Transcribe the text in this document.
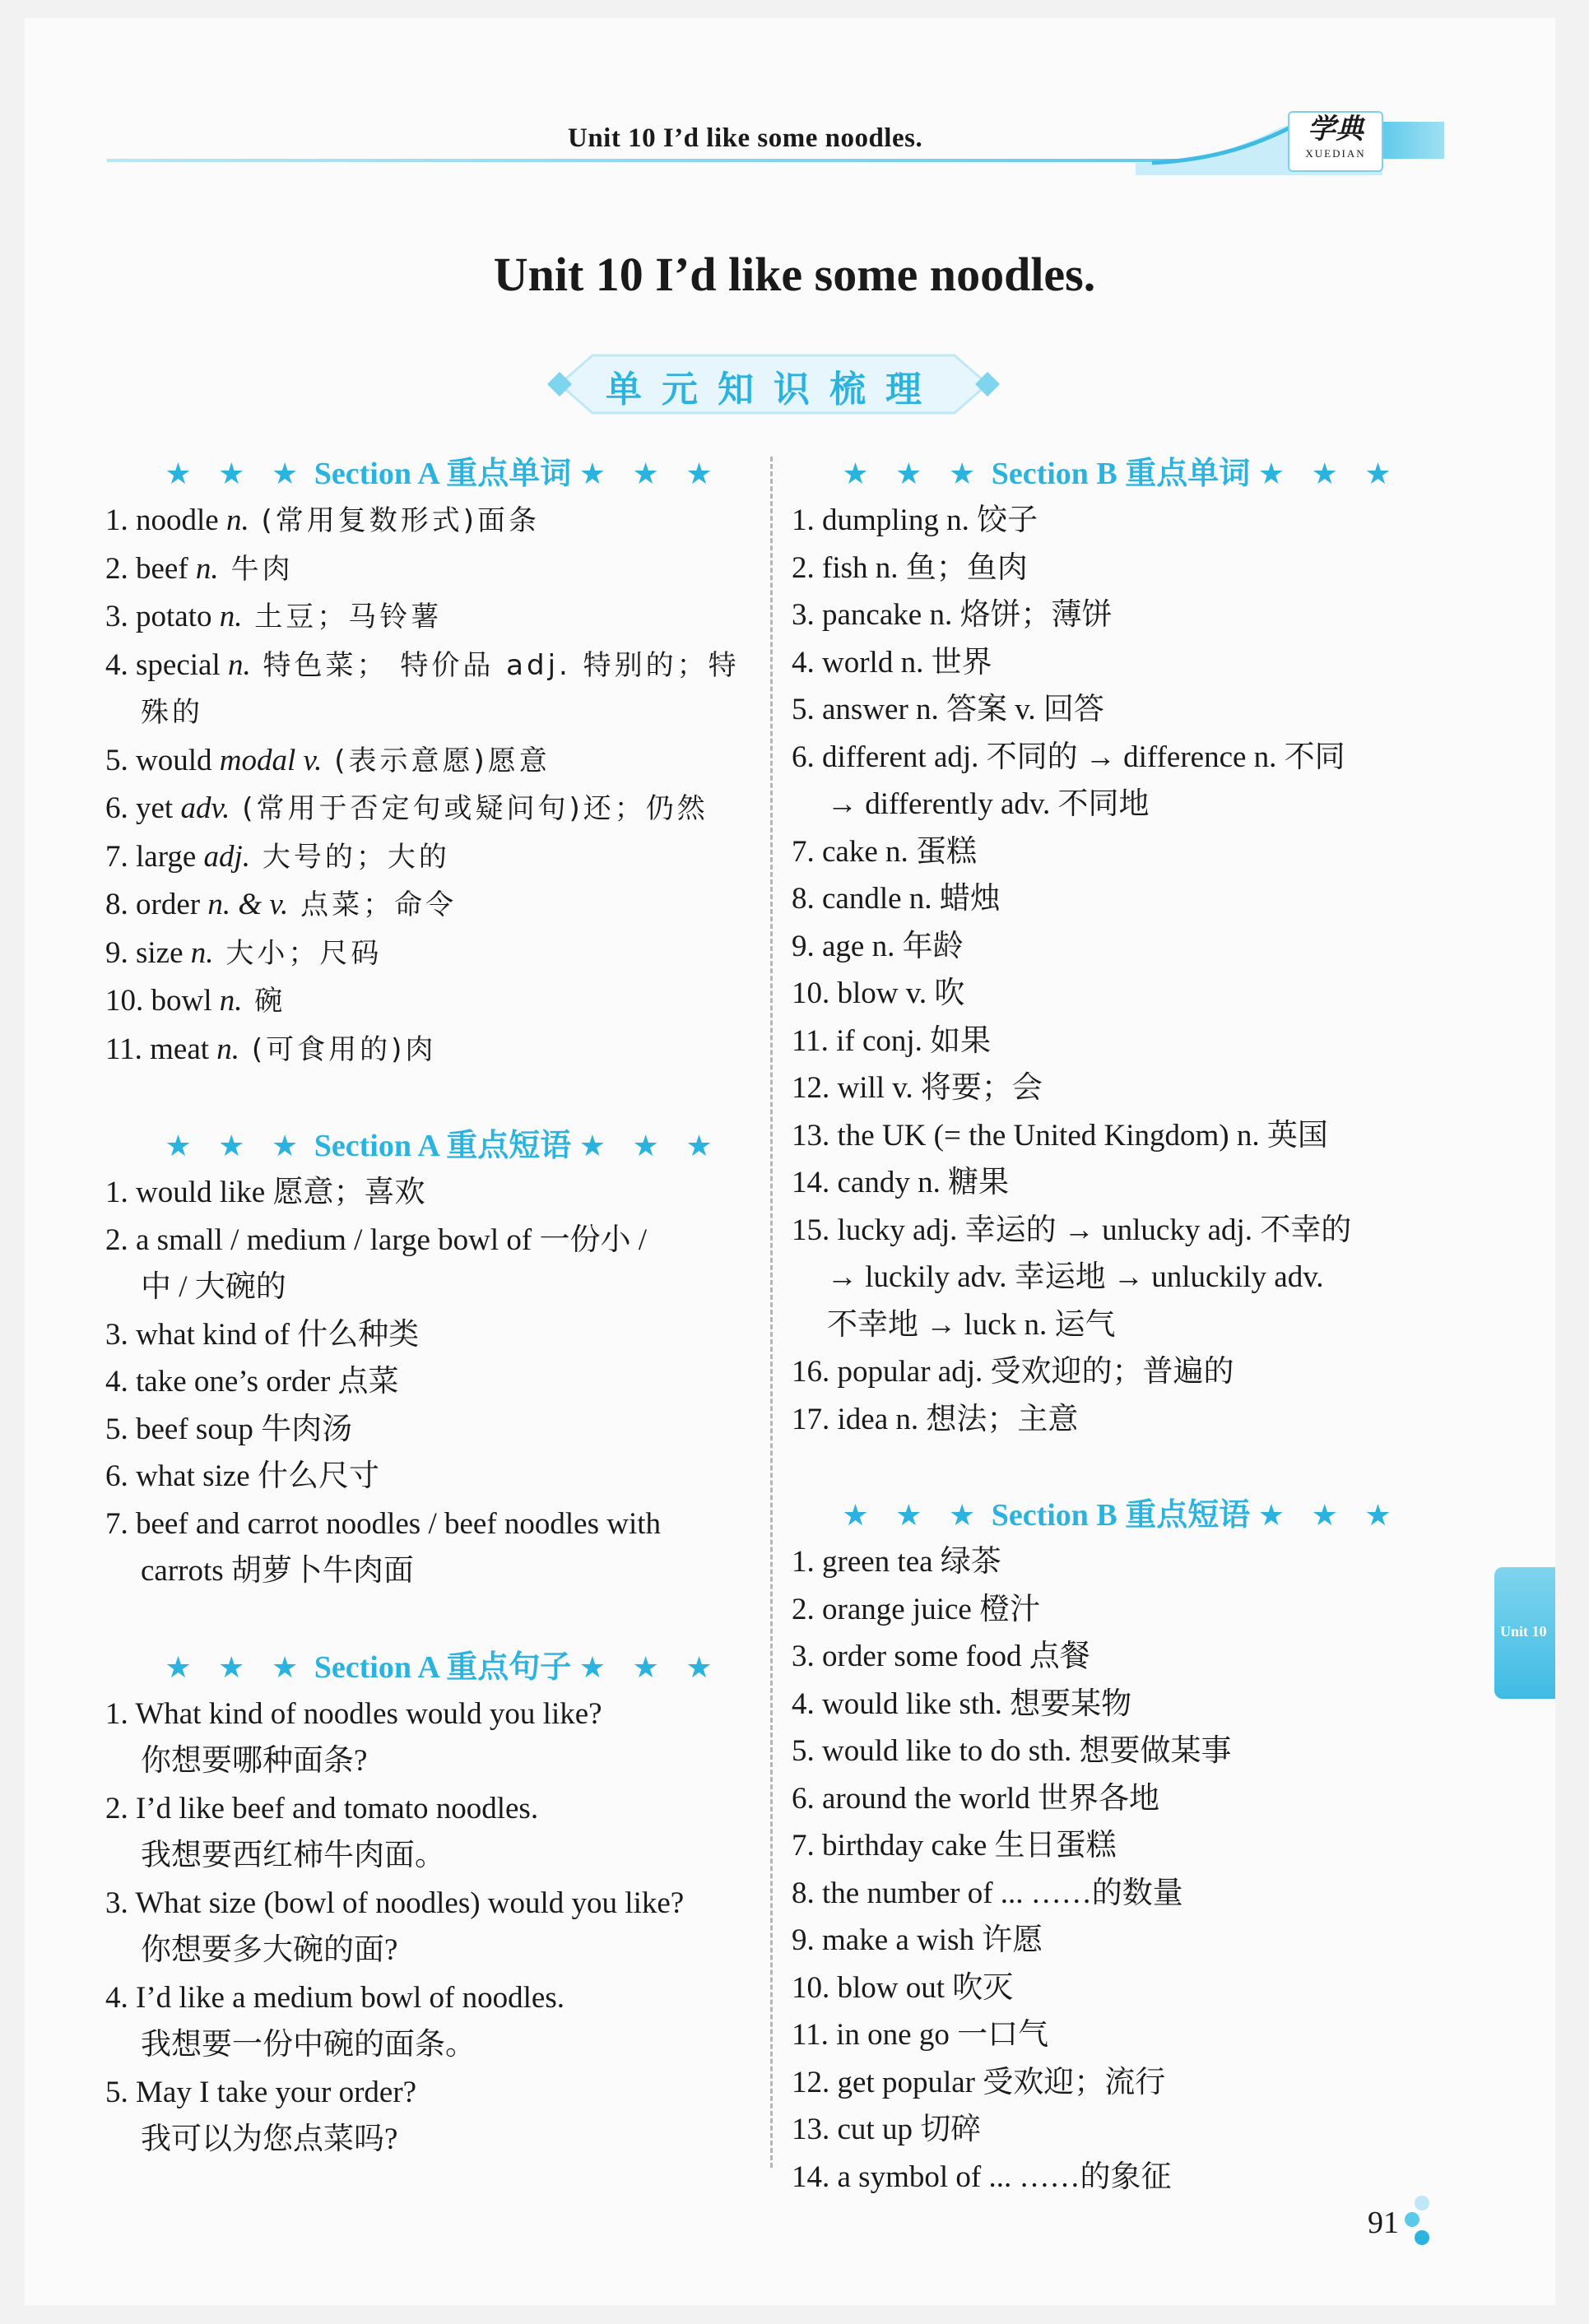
Unit 10 I’d like some noodles.	学典
XUEDIAN
Unit 10 I’d like some noodles.
单元知识梳理
★ ★ ★ Section A 重点单词 ★ ★ ★
1. noodle n. (常用复数形式)面条
2. beef n. 牛肉
3. potato n. 土豆；马铃薯
4. special n. 特色菜； 特价品 adj. 特别的；特
殊的
5. would modal v. (表示意愿)愿意
6. yet adv. (常用于否定句或疑问句)还；仍然
7. large adj. 大号的；大的
8. order n. & v. 点菜；命令
9. size n. 大小；尺码
10. bowl n. 碗
11. meat n. (可食用的)肉
★ ★ ★ Section A 重点短语 ★ ★ ★
1. would like 愿意；喜欢
2. a small / medium / large bowl of 一份小 /
中 / 大碗的
3. what kind of 什么种类
4. take one’s order 点菜
5. beef soup 牛肉汤
6. what size 什么尺寸
7. beef and carrot noodles / beef noodles with
carrots 胡萝卜牛肉面
★ ★ ★ Section A 重点句子 ★ ★ ★
1. What kind of noodles would you like?
你想要哪种面条?
2. I’d like beef and tomato noodles.
我想要西红柿牛肉面。
3. What size (bowl of noodles) would you like?
你想要多大碗的面?
4. I’d like a medium bowl of noodles.
我想要一份中碗的面条。
5. May I take your order?
我可以为您点菜吗?
★ ★ ★ Section B 重点单词 ★ ★ ★
1. dumpling n. 饺子
2. fish n. 鱼；鱼肉
3. pancake n. 烙饼；薄饼
4. world n. 世界
5. answer n. 答案 v. 回答
6. different adj. 不同的 → difference n. 不同
→ differently adv. 不同地
7. cake n. 蛋糕
8. candle n. 蜡烛
9. age n. 年龄
10. blow v. 吹
11. if conj. 如果
12. will v. 将要；会
13. the UK (= the United Kingdom) n. 英国
14. candy n. 糖果
15. lucky adj. 幸运的 → unlucky adj. 不幸的
→ luckily adv. 幸运地 → unluckily adv.
不幸地 → luck n. 运气
16. popular adj. 受欢迎的；普遍的
17. idea n. 想法；主意
★ ★ ★ Section B 重点短语 ★ ★ ★
1. green tea 绿茶
2. orange juice 橙汁
3. order some food 点餐
4. would like sth. 想要某物
5. would like to do sth. 想要做某事
6. around the world 世界各地
7. birthday cake 生日蛋糕
8. the number of ... ……的数量
9. make a wish 许愿
10. blow out 吹灭
11. in one go 一口气
12. get popular 受欢迎；流行
13. cut up 切碎
14. a symbol of ... ……的象征
Unit 10
91
